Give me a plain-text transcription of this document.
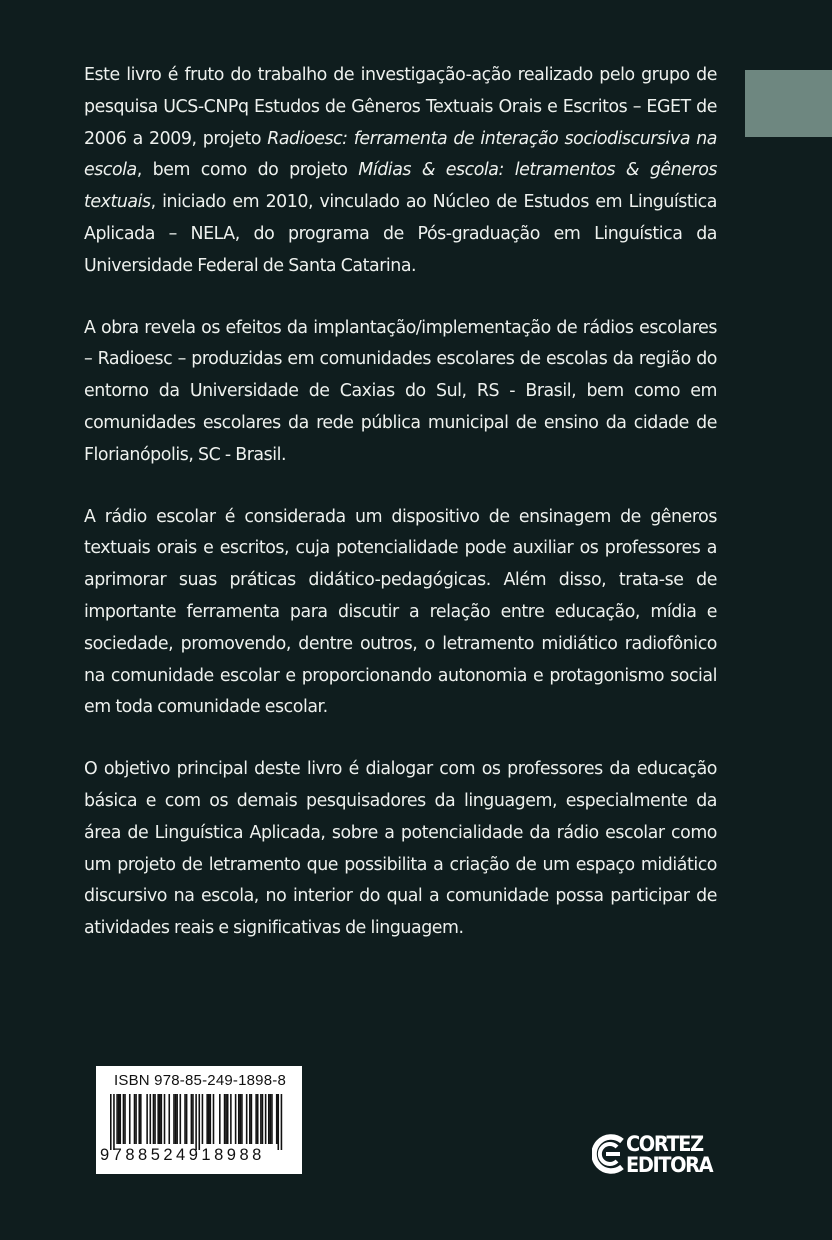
Este livro é fruto do trabalho de investigação-ação realizado pelo grupo de pesquisa UCS-CNPq Estudos de Gêneros Textuais Orais e Escritos – EGET de 2006 a 2009, projeto Radioesc: ferramenta de interação sociodiscursiva na escola, bem como do projeto Mídias & escola: letramentos & gêneros textuais, iniciado em 2010, vinculado ao Núcleo de Estudos em Linguística Aplicada – NELA, do programa de Pós-graduação em Linguística da Universidade Federal de Santa Catarina.

A obra revela os efeitos da implantação/implementação de rádios escolares – Radioesc – produzidas em comunidades escolares de escolas da região do entorno da Universidade de Caxias do Sul, RS - Brasil, bem como em comunidades escolares da rede pública municipal de ensino da cidade de Florianópolis, SC - Brasil.

A rádio escolar é considerada um dispositivo de ensinagem de gêneros textuais orais e escritos, cuja potencialidade pode auxiliar os professores a aprimorar suas práticas didático-pedagógicas. Além disso, trata-se de importante ferramenta para discutir a relação entre educação, mídia e sociedade, promovendo, dentre outros, o letramento midiático radiofônico na comunidade escolar e proporcionando autonomia e protagonismo social em toda comunidade escolar.

O objetivo principal deste livro é dialogar com os professores da educação básica e com os demais pesquisadores da linguagem, especialmente da área de Linguística Aplicada, sobre a potencialidade da rádio escolar como um projeto de letramento que possibilita a criação de um espaço midiático discursivo na escola, no interior do qual a comunidade possa participar de atividades reais e significativas de linguagem.

ISBN 978-85-249-1898-8
9788524918988	CORTEZ
EDITORA
